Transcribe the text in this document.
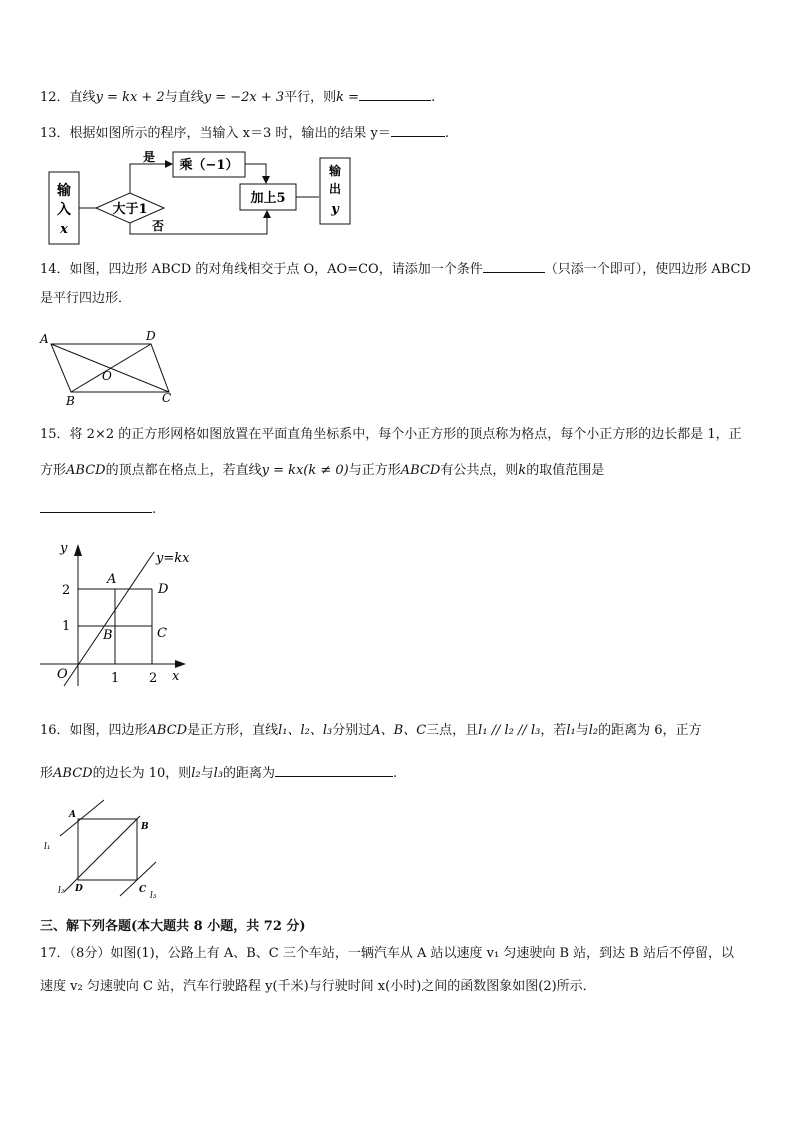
12．直线y = kx + 2与直线y = −2x + 3平行，则k =	.
13．根据如图所示的程序，当输入 x＝3 时，输出的结果 y＝	.
输
入
x
大于1
是
乘（−1）
否
加上5
输
出
y
14．如图，四边形 ABCD 的对角线相交于点 O，AO=CO，请添加一个条件	（只添一个即可），使四边形 ABCD
是平行四边形．
A	D
O
B	C
15．将 2×2 的正方形网格如图放置在平面直角坐标系中，每个小正方形的顶点称为格点，每个小正方形的边长都是 1，正
方形ABCD的顶点都在格点上，若直线y = kx(k ≠ 0)与正方形ABCD有公共点，则k的取值范围是
.
y
y=kx
A
D
B	C
2
1
O	1 2 x
16．如图，四边形ABCD是正方形，直线l₁、l₂、l₃分别过A、B、C三点，且l₁ // l₂ // l₃，若l₁与l₂的距离为 6，正方
形ABCD的边长为 10，则l₂与l₃的距离为	.
A
B
l₁
l₂ D	C
l₃
三、解下列各题(本大题共 8 小题，共 72 分)
17．（8分）如图(1)，公路上有 A、B、C 三个车站，一辆汽车从 A 站以速度 v₁ 匀速驶向 B 站，到达 B 站后不停留，以
速度 v₂ 匀速驶向 C 站，汽车行驶路程 y(千米)与行驶时间 x(小时)之间的函数图象如图(2)所示．
